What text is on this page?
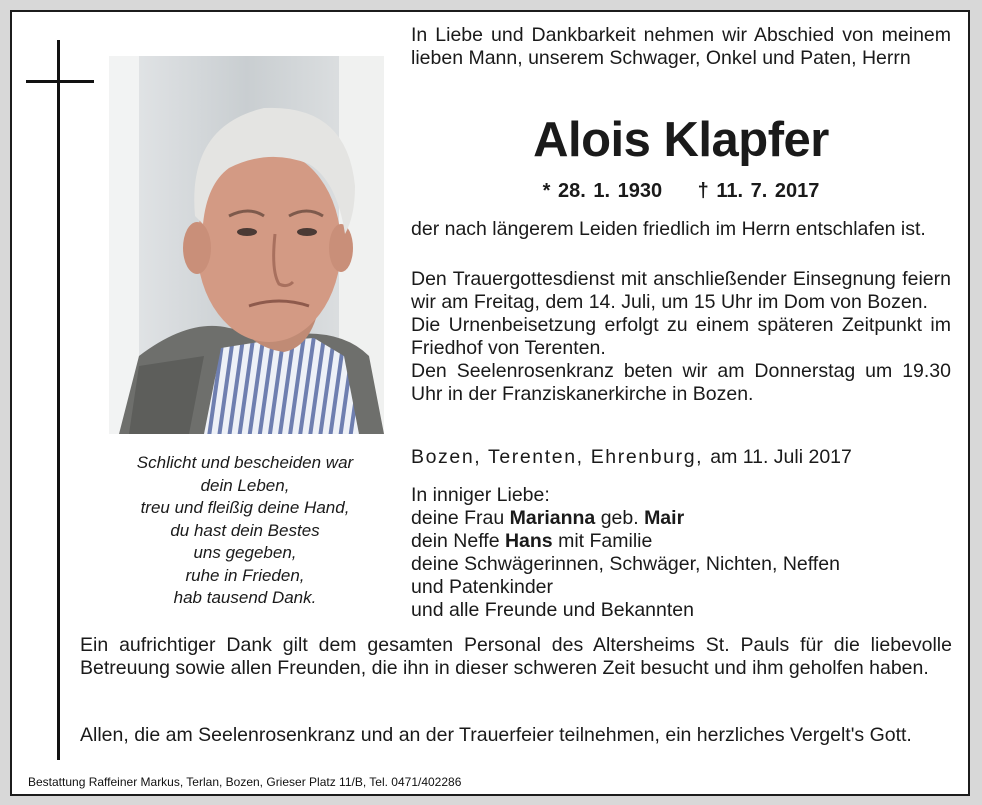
Schlicht und bescheiden war
dein Leben,
treu und fleißig deine Hand,
du hast dein Bestes
uns gegeben,
ruhe in Frieden,
hab tausend Dank.
In Liebe und Dankbarkeit nehmen wir Abschied von meinem lieben Mann, unserem Schwager, Onkel und Paten, Herrn
Alois Klapfer
* 28. 1. 1930 † 11. 7. 2017
der nach längerem Leiden friedlich im Herrn entschlafen ist.
Den Trauergottesdienst mit anschließender Einsegnung feiern wir am Freitag, dem 14. Juli, um 15 Uhr im Dom von Bozen.
Die Urnenbeisetzung erfolgt zu einem späteren Zeitpunkt im Friedhof von Terenten.
Den Seelenrosenkranz beten wir am Donnerstag um 19.30 Uhr in der Franziskanerkirche in Bozen.
Bozen, Terenten, Ehrenburg, am 11. Juli 2017
In inniger Liebe:
deine Frau Marianna geb. Mair
dein Neffe Hans mit Familie
deine Schwägerinnen, Schwäger, Nichten, Neffen
und Patenkinder
und alle Freunde und Bekannten
Ein aufrichtiger Dank gilt dem gesamten Personal des Altersheims St. Pauls für die liebevolle Betreuung sowie allen Freunden, die ihn in dieser schweren Zeit besucht und ihm geholfen haben.
Allen, die am Seelenrosenkranz und an der Trauerfeier teilnehmen, ein herzliches Vergelt's Gott.
Bestattung Raffeiner Markus, Terlan, Bozen, Grieser Platz 11/B, Tel. 0471/402286
